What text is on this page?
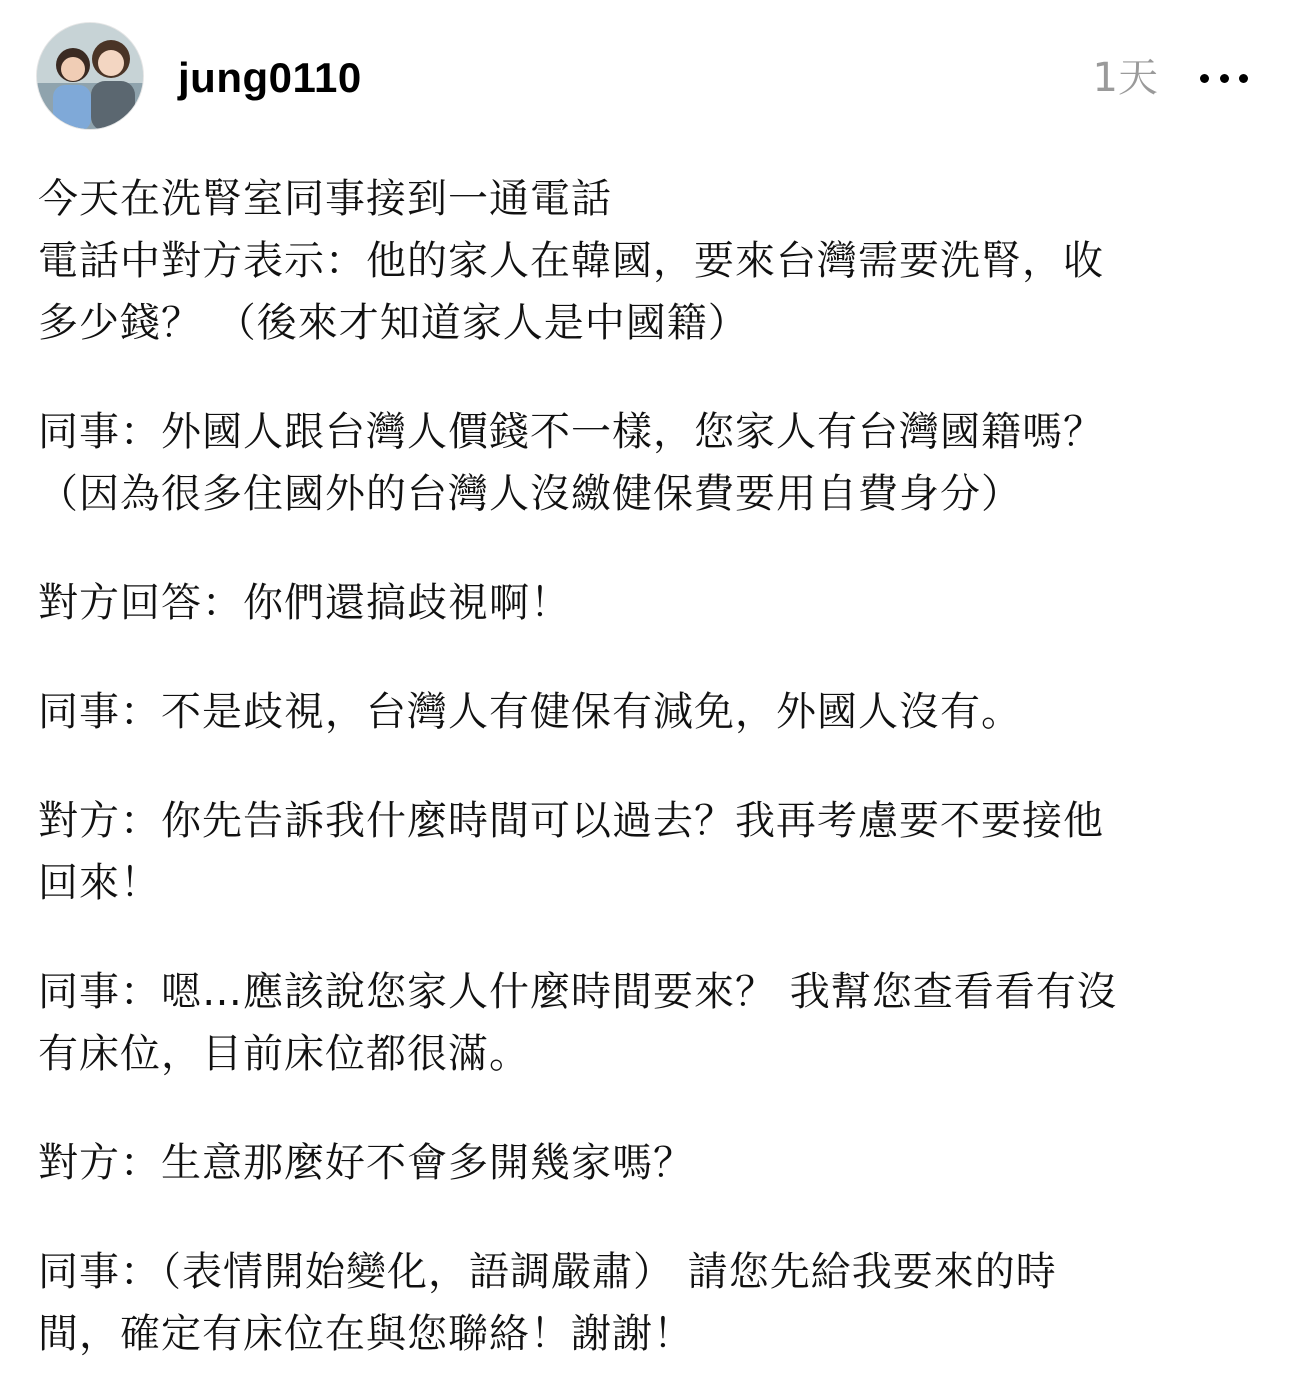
jung0110	1天

今天在洗腎室同事接到一通電話
電話中對方表示：他的家人在韓國，要來台灣需要洗腎，收
多少錢？ （後來才知道家人是中國籍）

同事：外國人跟台灣人價錢不一樣，您家人有台灣國籍嗎？
（因為很多住國外的台灣人沒繳健保費要用自費身分）

對方回答：你們還搞歧視啊！

同事：不是歧視，台灣人有健保有減免，外國人沒有。

對方：你先告訴我什麼時間可以過去？我再考慮要不要接他
回來！

同事：嗯…應該說您家人什麼時間要來？ 我幫您查看看有沒
有床位，目前床位都很滿。

對方：生意那麼好不會多開幾家嗎？

同事：（表情開始變化，語調嚴肅） 請您先給我要來的時
間，確定有床位在與您聯絡！謝謝！
